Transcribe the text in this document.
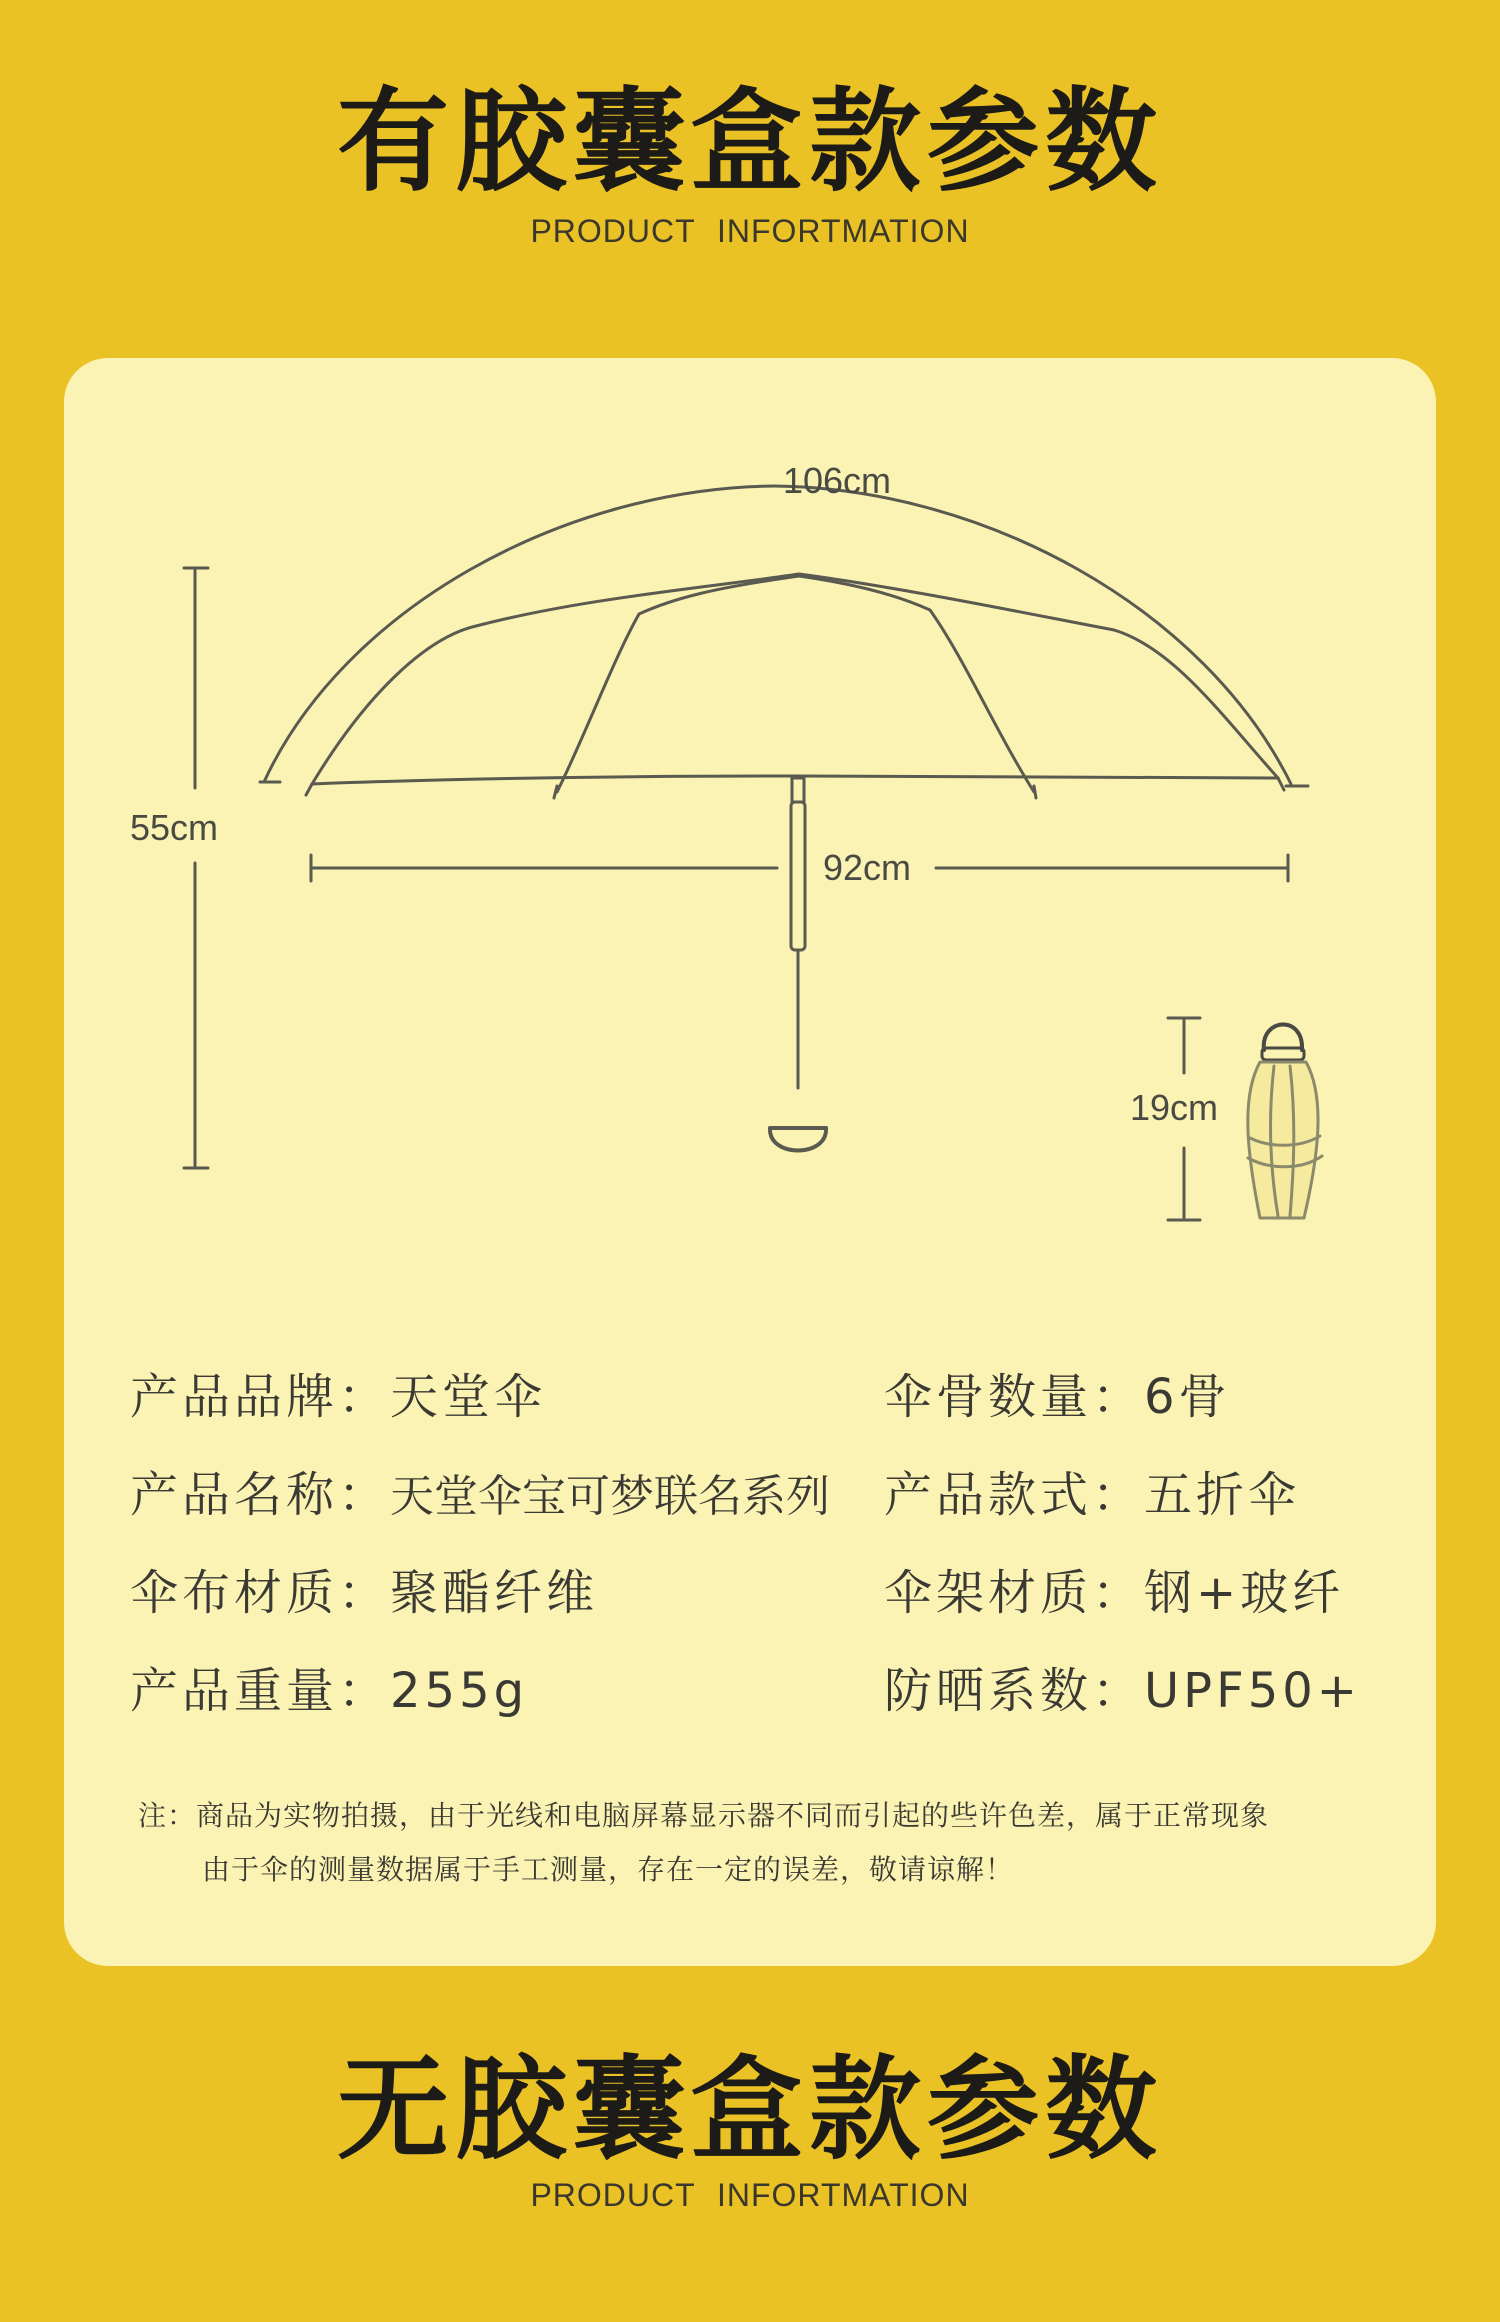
有胶囊盒款参数
PRODUCT INFORTMATION
106cm
55cm
92cm
19cm
产品品牌：天堂伞	伞骨数量：6骨
产品名称：天堂伞宝可梦联名系列 产品款式：五折伞
伞布材质：聚酯纤维	伞架材质：钢+玻纤
产品重量：255g	防晒系数：UPF50+
注：商品为实物拍摄，由于光线和电脑屏幕显示器不同而引起的些许色差，属于正常现象
由于伞的测量数据属于手工测量，存在一定的误差，敬请谅解！
无胶囊盒款参数
PRODUCT INFORTMATION
